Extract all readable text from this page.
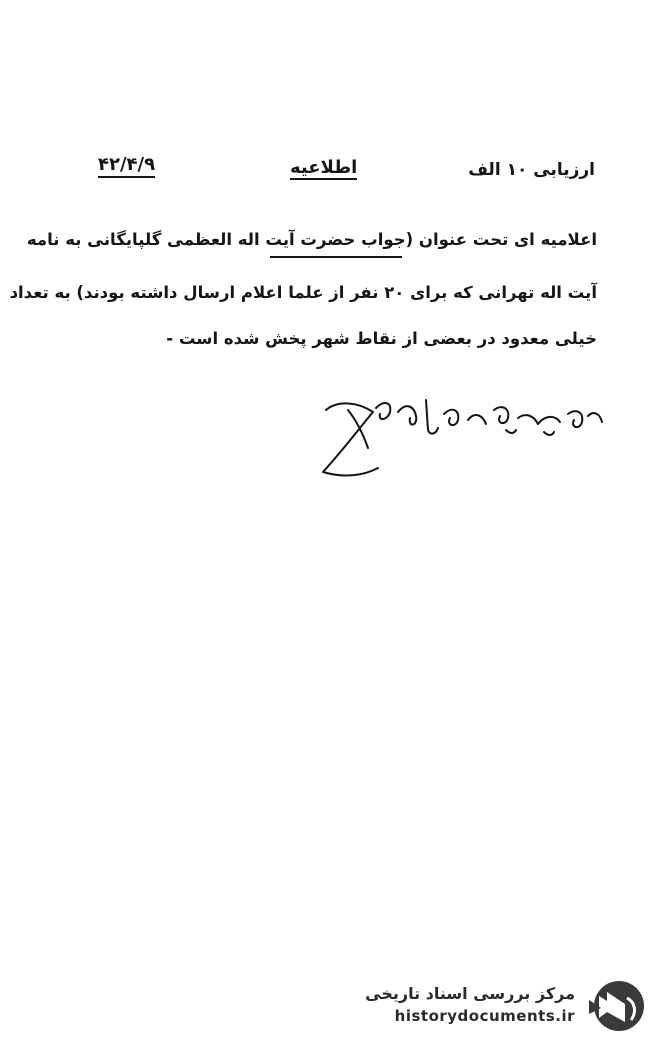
۴۲/۴/۹	اطلاعیه	ارزیابی ۱۰ الف
اعلامیه ای تحت عنوان (جواب حضرت آیت اله العظمی گلپایگانی به نامه
آیت اله تهرانی که برای ۲۰ نفر از علما اعلام ارسال داشته بودند) به تعداد
خیلی معدود در بعضی از نقاط شهر پخش شده است -
مرکز بررسی اسناد تاریخی
historydocuments.ir
